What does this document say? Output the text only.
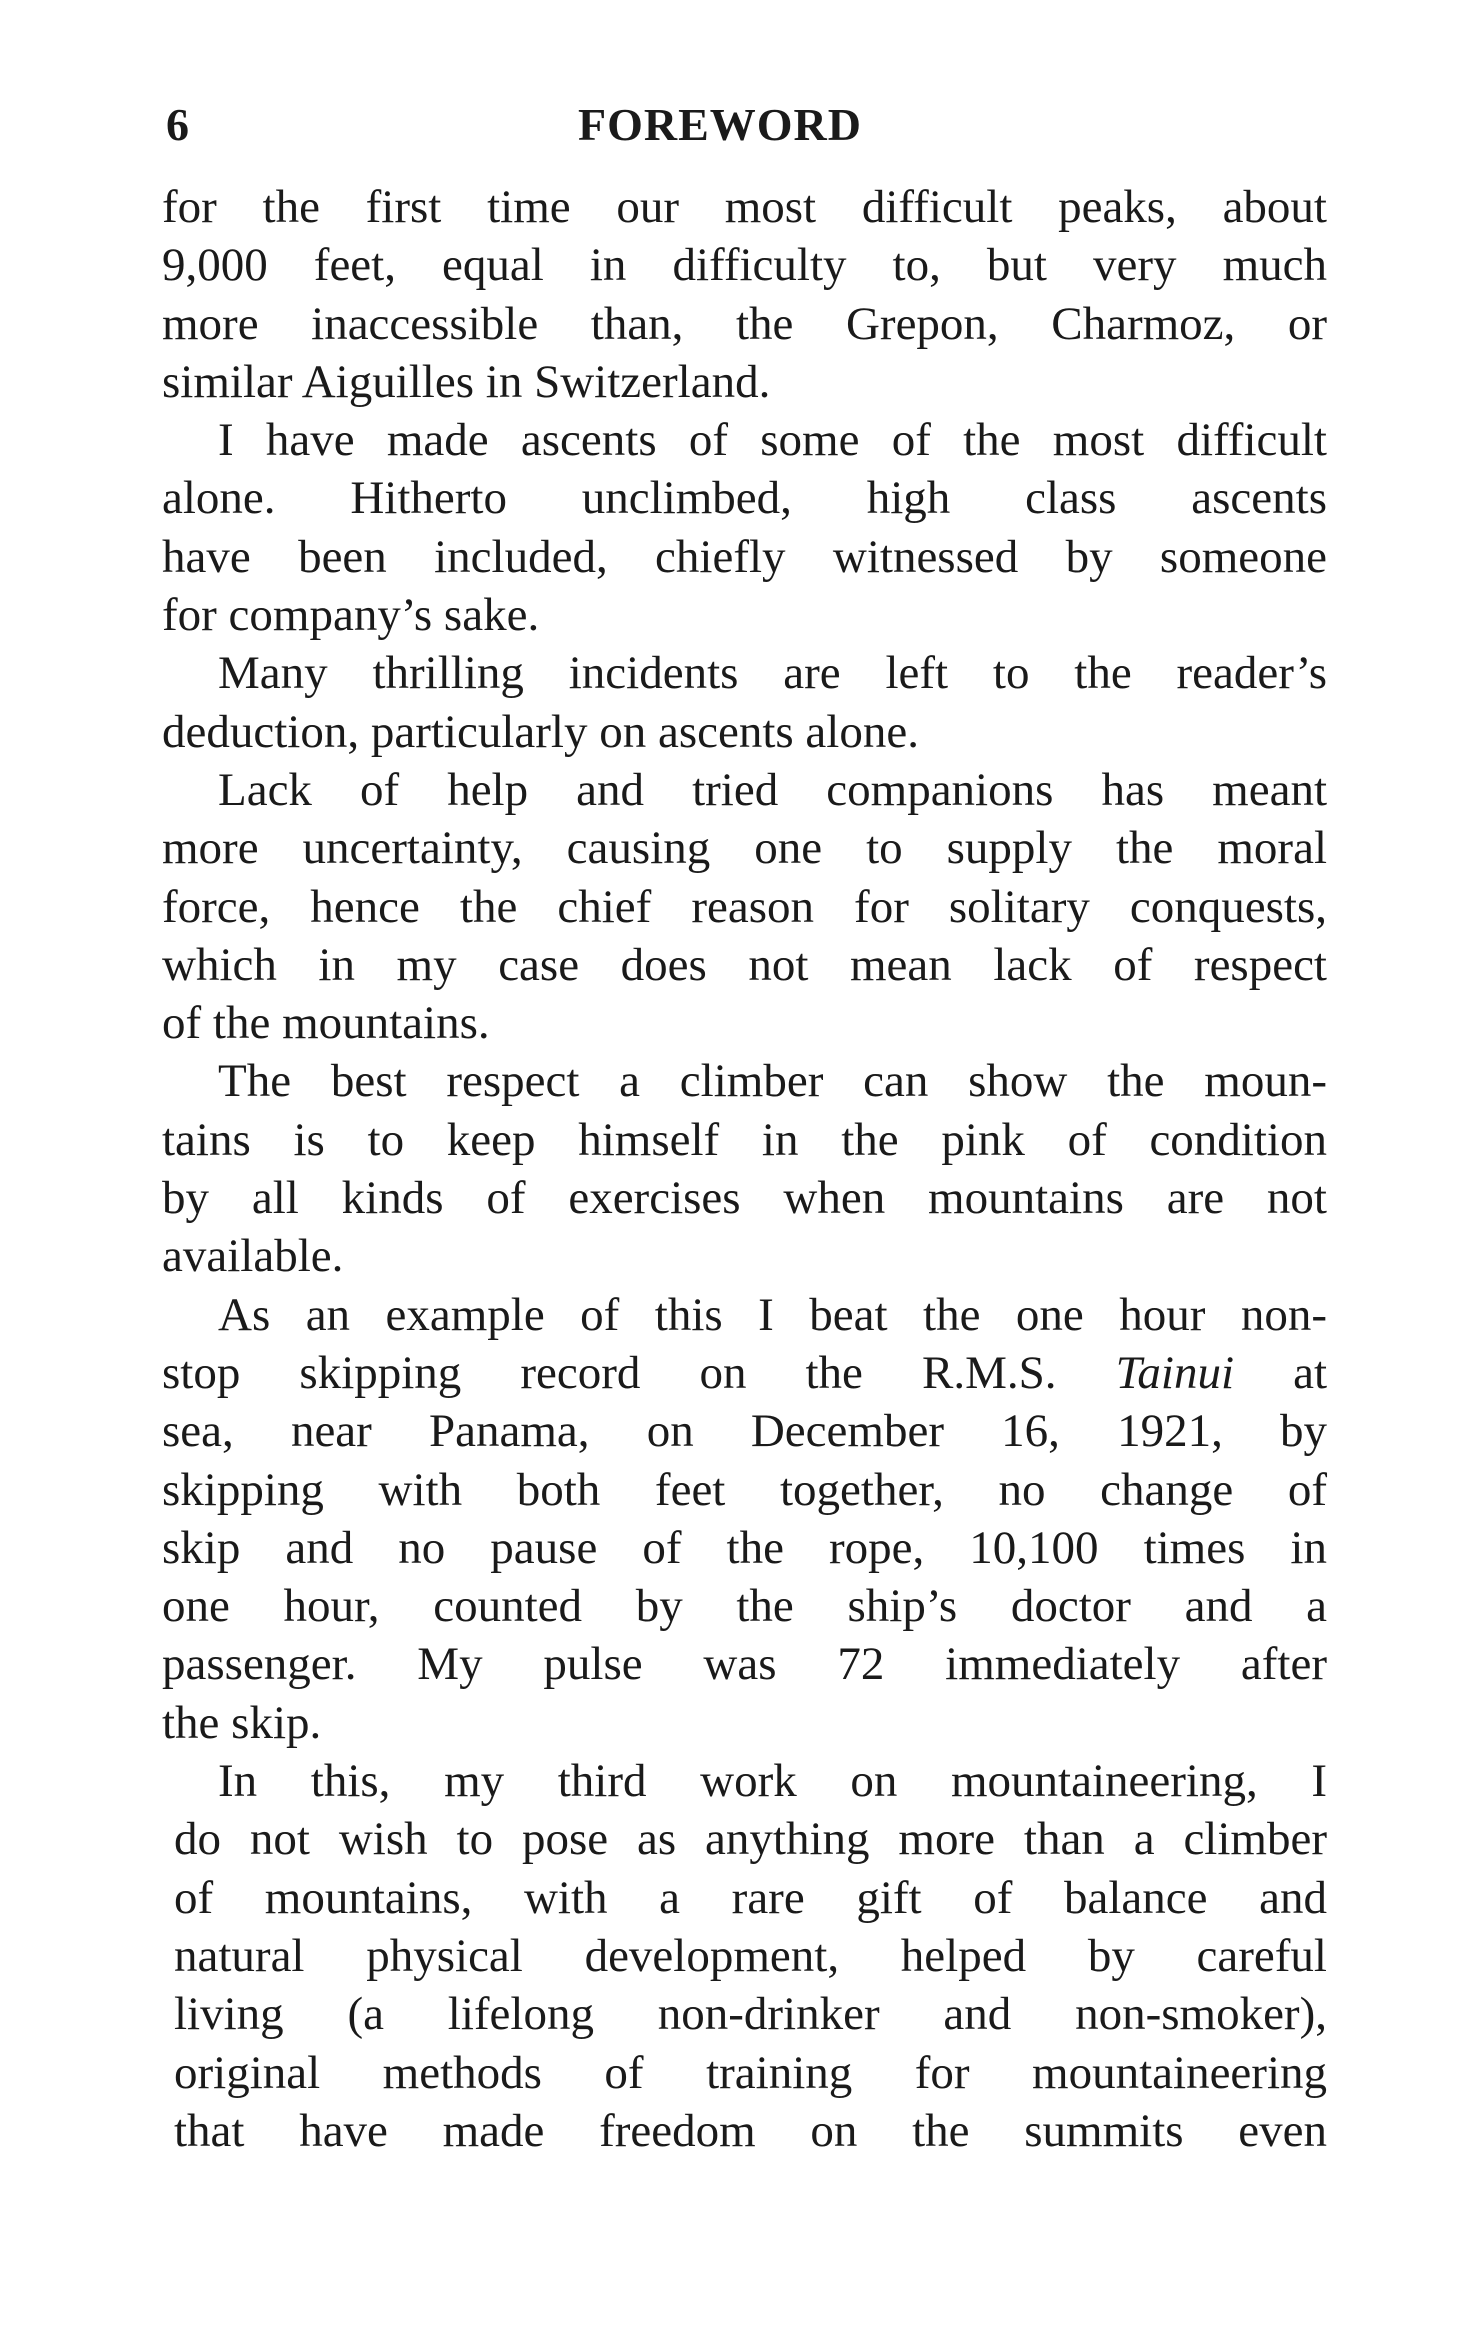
6	FOREWORD
for the first time our most difficult peaks, about
9,000 feet, equal in difficulty to, but very much
more inaccessible than, the Grepon, Charmoz, or
similar Aiguilles in Switzerland.
I have made ascents of some of the most difficult
alone. Hitherto unclimbed, high class ascents
have been included, chiefly witnessed by someone
for company’s sake.
Many thrilling incidents are left to the reader’s
deduction, particularly on ascents alone.
Lack of help and tried companions has meant
more uncertainty, causing one to supply the moral
force, hence the chief reason for solitary conquests,
which in my case does not mean lack of respect
of the mountains.
The best respect a climber can show the moun-
tains is to keep himself in the pink of condition
by all kinds of exercises when mountains are not
available.
As an example of this I beat the one hour non-
stop skipping record on the R.M.S. Tainui at
sea, near Panama, on December 16, 1921, by
skipping with both feet together, no change of
skip and no pause of the rope, 10,100 times in
one hour, counted by the ship’s doctor and a
passenger. My pulse was 72 immediately after
the skip.
In this, my third work on mountaineering, I
do not wish to pose as anything more than a climber
of mountains, with a rare gift of balance and
natural physical development, helped by careful
living (a lifelong non-drinker and non-smoker),
original methods of training for mountaineering
that have made freedom on the summits even
